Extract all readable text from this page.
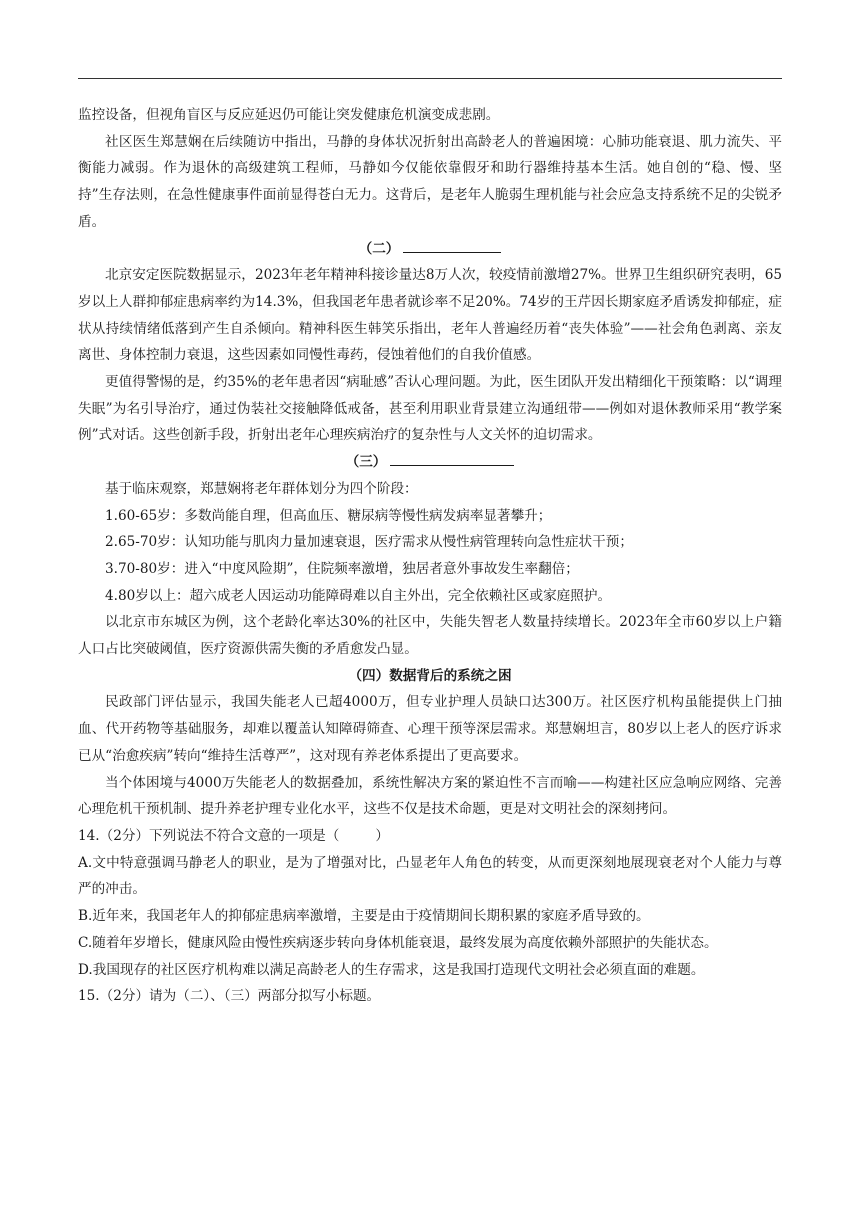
监控设备，但视角盲区与反应延迟仍可能让突发健康危机演变成悲剧。

社区医生郑慧娴在后续随访中指出，马静的身体状况折射出高龄老人的普遍困境：心肺功能衰退、肌力流失、平衡能力减弱。作为退休的高级建筑工程师，马静如今仅能依靠假牙和助行器维持基本生活。她自创的“稳、慢、坚持”生存法则，在急性健康事件面前显得苍白无力。这背后，是老年人脆弱生理机能与社会应急支持系统不足的尖锐矛盾。

（二）

北京安定医院数据显示，2023年老年精神科接诊量达8万人次，较疫情前激增27%。世界卫生组织研究表明，65岁以上人群抑郁症患病率约为14.3%，但我国老年患者就诊率不足20%。74岁的王芹因长期家庭矛盾诱发抑郁症，症状从持续情绪低落到产生自杀倾向。精神科医生韩笑乐指出，老年人普遍经历着“丧失体验”——社会角色剥离、亲友离世、身体控制力衰退，这些因素如同慢性毒药，侵蚀着他们的自我价值感。

更值得警惕的是，约35%的老年患者因“病耻感”否认心理问题。为此，医生团队开发出精细化干预策略：以“调理失眠”为名引导治疗，通过伪装社交接触降低戒备，甚至利用职业背景建立沟通纽带——例如对退休教师采用“教学案例”式对话。这些创新手段，折射出老年心理疾病治疗的复杂性与人文关怀的迫切需求。

（三）

基于临床观察，郑慧娴将老年群体划分为四个阶段：

1.60-65岁：多数尚能自理，但高血压、糖尿病等慢性病发病率显著攀升；

2.65-70岁：认知功能与肌肉力量加速衰退，医疗需求从慢性病管理转向急性症状干预；

3.70-80岁：进入“中度风险期”，住院频率激增，独居者意外事故发生率翻倍；

4.80岁以上：超六成老人因运动功能障碍难以自主外出，完全依赖社区或家庭照护。

以北京市东城区为例，这个老龄化率达30%的社区中，失能失智老人数量持续增长。2023年全市60岁以上户籍人口占比突破阈值，医疗资源供需失衡的矛盾愈发凸显。

（四）数据背后的系统之困

民政部门评估显示，我国失能老人已超4000万，但专业护理人员缺口达300万。社区医疗机构虽能提供上门抽血、代开药物等基础服务，却难以覆盖认知障碍筛查、心理干预等深层需求。郑慧娴坦言，80岁以上老人的医疗诉求已从“治愈疾病”转向“维持生活尊严”，这对现有养老体系提出了更高要求。

当个体困境与4000万失能老人的数据叠加，系统性解决方案的紧迫性不言而喻——构建社区应急响应网络、完善心理危机干预机制、提升养老护理专业化水平，这些不仅是技术命题，更是对文明社会的深刻拷问。

14.（2分）下列说法不符合文意的一项是（	）

A.文中特意强调马静老人的职业，是为了增强对比，凸显老年人角色的转变，从而更深刻地展现衰老对个人能力与尊严的冲击。

B.近年来，我国老年人的抑郁症患病率激增，主要是由于疫情期间长期积累的家庭矛盾导致的。

C.随着年岁增长，健康风险由慢性疾病逐步转向身体机能衰退，最终发展为高度依赖外部照护的失能状态。

D.我国现存的社区医疗机构难以满足高龄老人的生存需求，这是我国打造现代文明社会必须直面的难题。

15.（2分）请为（二）、（三）两部分拟写小标题。
